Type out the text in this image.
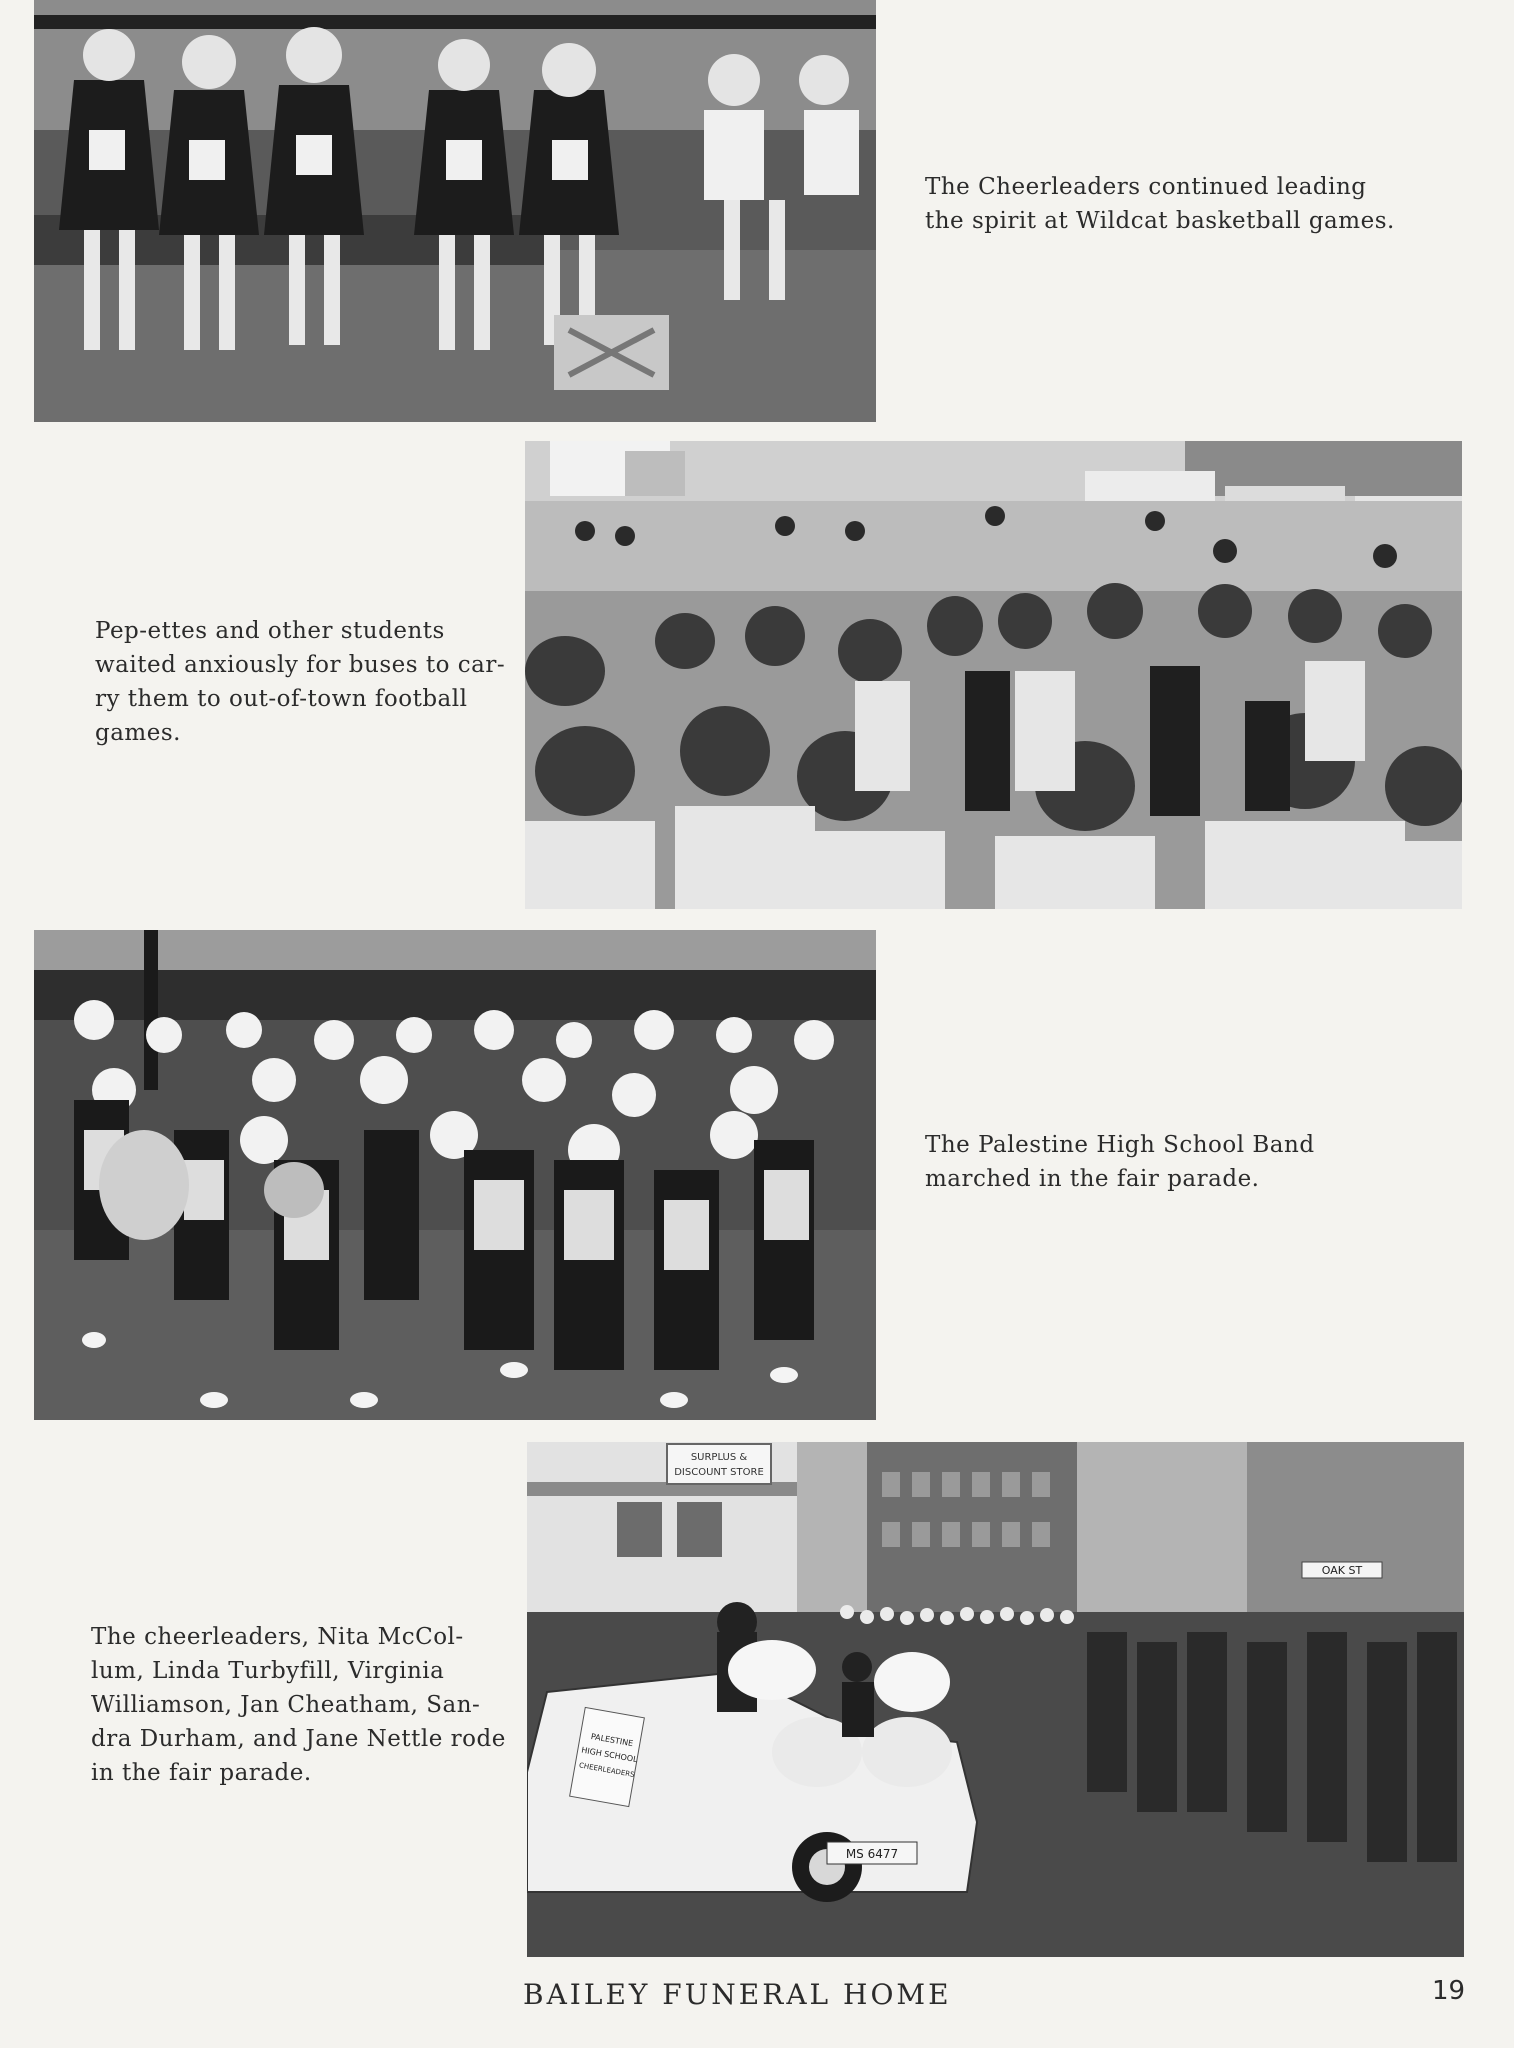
The Cheerleaders continued leading
the spirit at Wildcat basketball games.
Pep-ettes and other students
waited anxiously for buses to car-
ry them to out-of-town football
games.
The Palestine High School Band
marched in the fair parade.
The cheerleaders, Nita McCol-
lum, Linda Turbyfill, Virginia
Williamson, Jan Cheatham, San-
dra Durham, and Jane Nettle rode
in the fair parade.
SURPLUS &
DISCOUNT STORE
OAK ST
PALESTINE
HIGH SCHOOL
CHEERLEADERS
MS 6477
BAILEY FUNERAL HOME	19
